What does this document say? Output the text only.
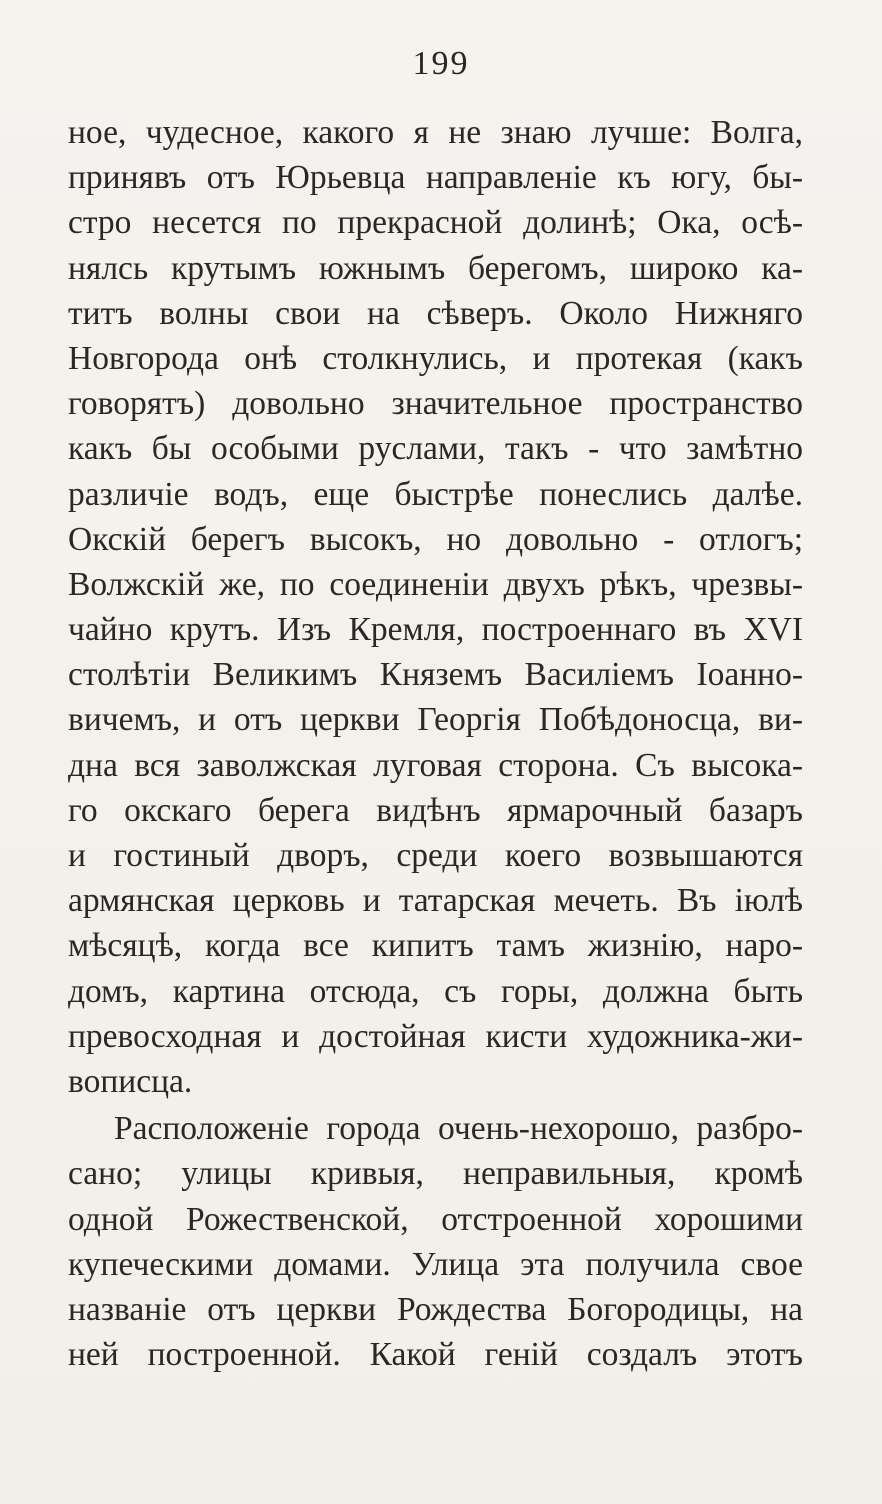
199
ное, чудесное, какого я не знаю лучше: Волга,
принявъ отъ Юрьевца направленіе къ югу, бы-
стро несется по прекрасной долинѣ; Ока, осѣ-
нялсь крутымъ южнымъ берегомъ, широко ка-
титъ волны свои на сѣверъ. Около Нижняго
Новгорода онѣ столкнулись, и протекая (какъ
говорятъ) довольно значительное пространство
какъ бы особыми руслами, такъ - что замѣтно
различіе водъ, еще быстрѣе понеслись далѣе.
Окскій берегъ высокъ, но довольно - отлогъ;
Волжскій же, по соединеніи двухъ рѣкъ, чрезвы-
чайно крутъ. Изъ Кремля, построеннаго въ XVI
столѣтіи Великимъ Княземъ Василіемъ Іоанно-
вичемъ, и отъ церкви Георгія Побѣдоносца, ви-
дна вся заволжская луговая сторона. Съ высока-
го окскаго берега видѣнъ ярмарочный базаръ
и гостиный дворъ, среди коего возвышаются
армянская церковь и татарская мечеть. Въ іюлѣ
мѣсяцѣ, когда все кипитъ тамъ жизнію, наро-
домъ, картина отсюда, съ горы, должна быть
превосходная и достойная кисти художника-жи-
вописца.
Расположеніе города очень-нехорошо, разбро-
сано; улицы кривыя, неправильныя, кромѣ
одной Рожественской, отстроенной хорошими
купеческими домами. Улица эта получила свое
названіе отъ церкви Рождества Богородицы, на
ней построенной. Какой геній создалъ этотъ
